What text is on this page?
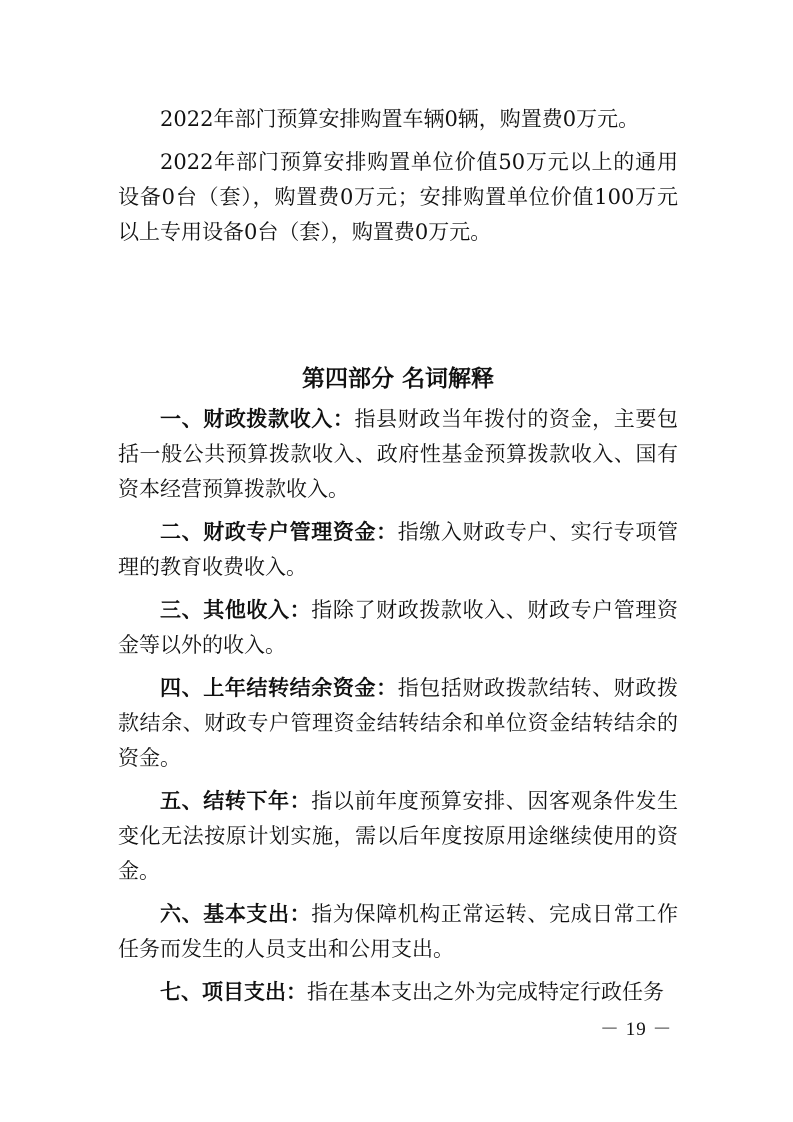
2022年部门预算安排购置车辆0辆，购置费0万元。

2022年部门预算安排购置单位价值50万元以上的通用设备0台（套），购置费0万元；安排购置单位价值100万元以上专用设备0台（套），购置费0万元。

第四部分 名词解释

一、财政拨款收入：指县财政当年拨付的资金，主要包括一般公共预算拨款收入、政府性基金预算拨款收入、国有资本经营预算拨款收入。

二、财政专户管理资金：指缴入财政专户、实行专项管理的教育收费收入。

三、其他收入：指除了财政拨款收入、财政专户管理资金等以外的收入。

四、上年结转结余资金：指包括财政拨款结转、财政拨款结余、财政专户管理资金结转结余和单位资金结转结余的资金。

五、结转下年：指以前年度预算安排、因客观条件发生变化无法按原计划实施，需以后年度按原用途继续使用的资金。

六、基本支出：指为保障机构正常运转、完成日常工作任务而发生的人员支出和公用支出。

七、项目支出：指在基本支出之外为完成特定行政任务

－ 19 －
